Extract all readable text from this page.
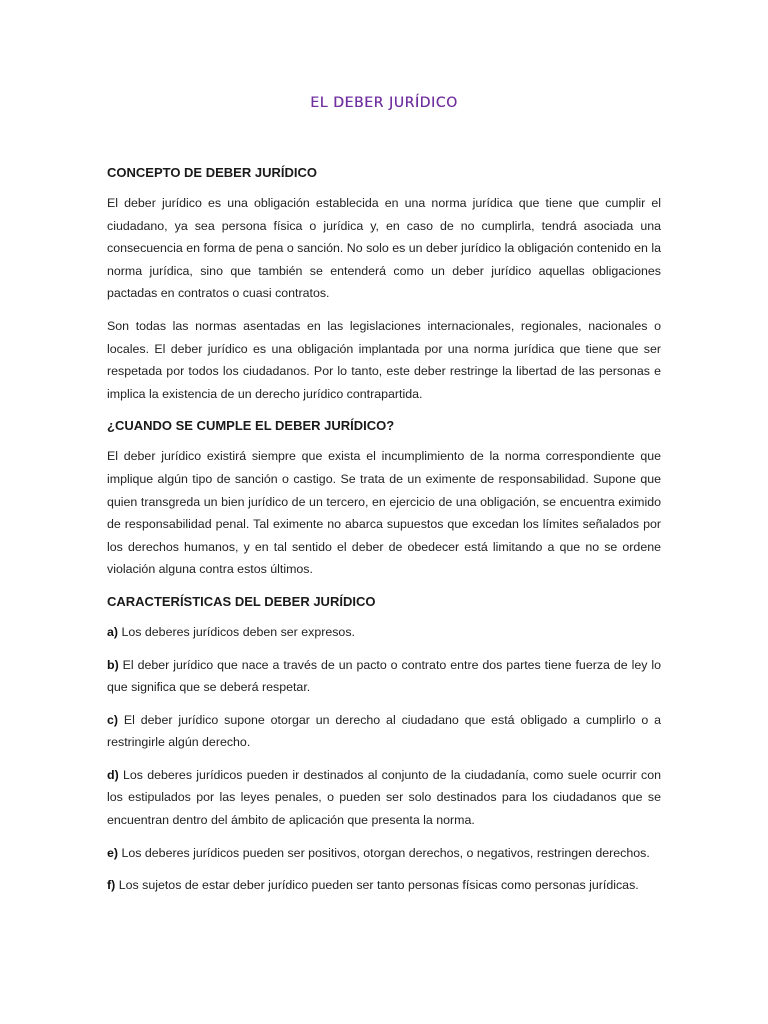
EL DEBER JURÍDICO
CONCEPTO DE DEBER JURÍDICO

El deber jurídico es una obligación establecida en una norma jurídica que tiene que cumplir el ciudadano, ya sea persona física o jurídica y, en caso de no cumplirla, tendrá asociada una consecuencia en forma de pena o sanción. No solo es un deber jurídico la obligación contenido en la norma jurídica, sino que también se entenderá como un deber jurídico aquellas obligaciones pactadas en contratos o cuasi contratos.

Son todas las normas asentadas en las legislaciones internacionales, regionales, nacionales o locales. El deber jurídico es una obligación implantada por una norma jurídica que tiene que ser respetada por todos los ciudadanos. Por lo tanto, este deber restringe la libertad de las personas e implica la existencia de un derecho jurídico contrapartida.

¿CUANDO SE CUMPLE EL DEBER JURÍDICO?

El deber jurídico existirá siempre que exista el incumplimiento de la norma correspondiente que implique algún tipo de sanción o castigo. Se trata de un eximente de responsabilidad. Supone que quien transgreda un bien jurídico de un tercero, en ejercicio de una obligación, se encuentra eximido de responsabilidad penal. Tal eximente no abarca supuestos que excedan los límites señalados por los derechos humanos, y en tal sentido el deber de obedecer está limitando a que no se ordene violación alguna contra estos últimos.

CARACTERÍSTICAS DEL DEBER JURÍDICO

a) Los deberes jurídicos deben ser expresos.

b) El deber jurídico que nace a través de un pacto o contrato entre dos partes tiene fuerza de ley lo que significa que se deberá respetar.

c) El deber jurídico supone otorgar un derecho al ciudadano que está obligado a cumplirlo o a restringirle algún derecho.

d) Los deberes jurídicos pueden ir destinados al conjunto de la ciudadanía, como suele ocurrir con los estipulados por las leyes penales, o pueden ser solo destinados para los ciudadanos que se encuentran dentro del ámbito de aplicación que presenta la norma.

e) Los deberes jurídicos pueden ser positivos, otorgan derechos, o negativos, restringen derechos.

f) Los sujetos de estar deber jurídico pueden ser tanto personas físicas como personas jurídicas.
